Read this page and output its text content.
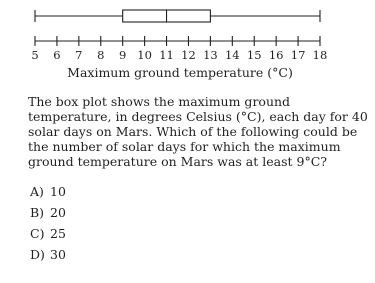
5 6 7 8 9 10 11 12 13 14 15 16 17 18
Maximum ground temperature (°C)

The box plot shows the maximum ground temperature, in degrees Celsius (°C), each day for 40 solar days on Mars. Which of the following could be the number of solar days for which the maximum ground temperature on Mars was at least 9°C?

A) 10
B) 20
C) 25
D) 30
